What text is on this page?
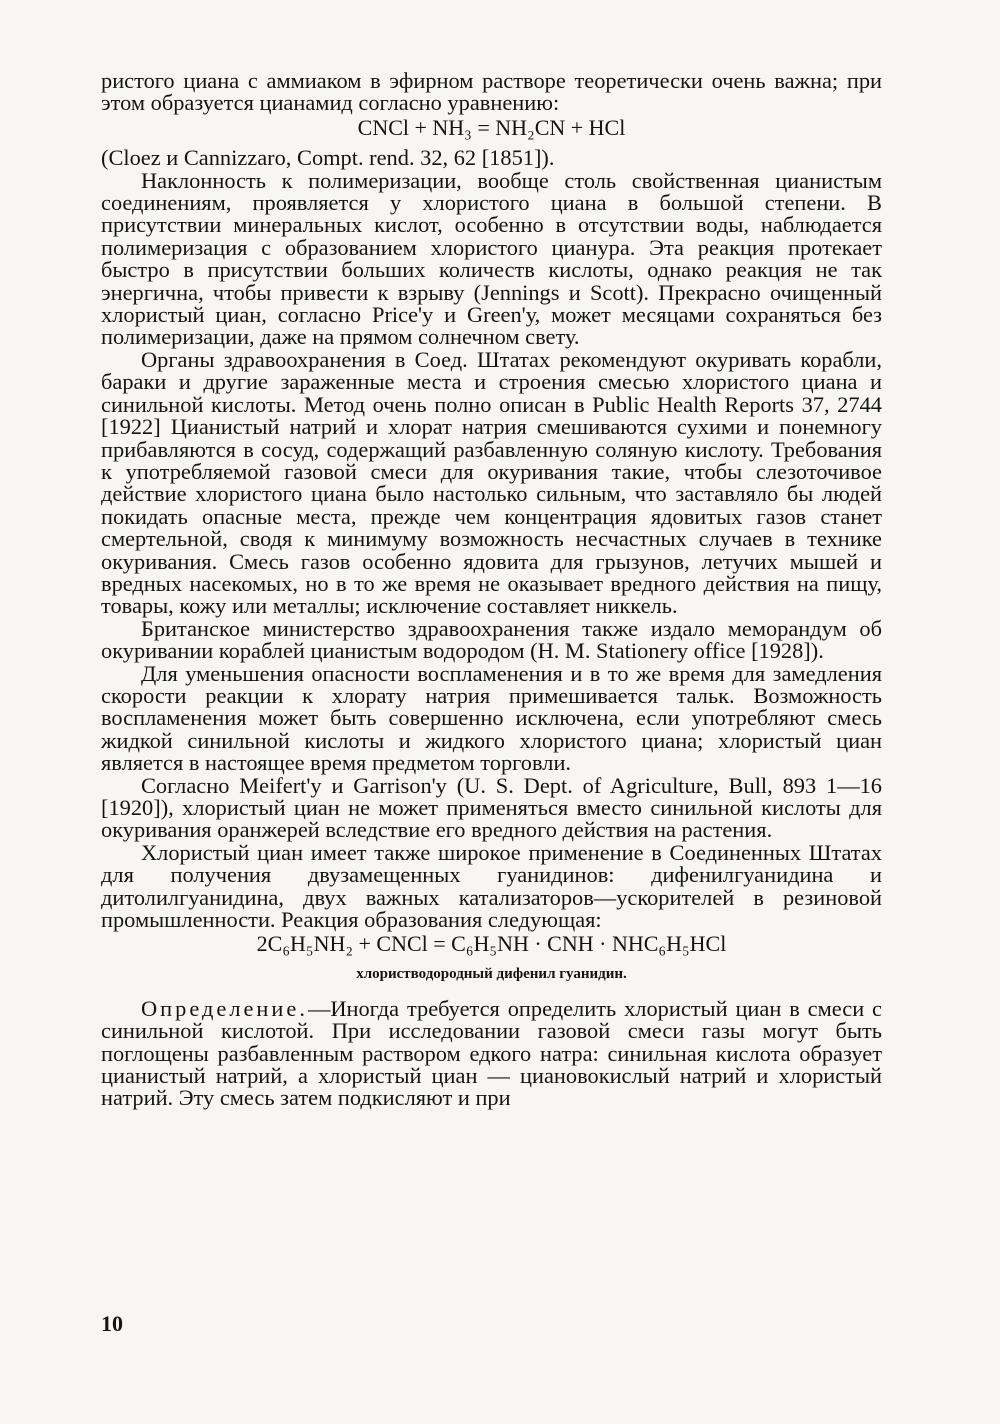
ристого циана с аммиаком в эфирном растворе теоретически очень важна; при этом образуется цианамид согласно уравнению:

CNCl + NH₃ = NH₂CN + HCl

(Cloez и Cannizzaro, Compt. rend. 32, 62 [1851]).

Наклонность к полимеризации, вообще столь свойственная цианистым соединениям, проявляется у хлористого циана в большой степени. В присутствии минеральных кислот, особенно в отсутствии воды, наблюдается полимеризация с образованием хлористого цианура. Эта реакция протекает быстро в присутствии больших количеств кислоты, однако реакция не так энергична, чтобы привести к взрыву (Jennings и Scott). Прекрасно очищенный хлористый циан, согласно Price'у и Green'у, может месяцами сохраняться без полимеризации, даже на прямом солнечном свету.

Органы здравоохранения в Соед. Штатах рекомендуют окуривать корабли, бараки и другие зараженные места и строения смесью хлористого циана и синильной кислоты. Метод очень полно описан в Public Health Reports 37, 2744 [1922] Цианистый натрий и хлорат натрия смешиваются сухими и понемногу прибавляются в сосуд, содержащий разбавленную соляную кислоту. Требования к употребляемой газовой смеси для окуривания такие, чтобы слезоточивое действие хлористого циана было настолько сильным, что заставляло бы людей покидать опасные места, прежде чем концентрация ядовитых газов станет смертельной, сводя к минимуму возможность несчастных случаев в технике окуривания. Смесь газов особенно ядовита для грызунов, летучих мышей и вредных насекомых, но в то же время не оказывает вредного действия на пищу, товары, кожу или металлы; исключение составляет никкель.

Британское министерство здравоохранения также издало меморандум об окуривании кораблей цианистым водородом (H. M. Stationery office [1928]).

Для уменьшения опасности воспламенения и в то же время для замедления скорости реакции к хлорату натрия примешивается тальк. Возможность воспламенения может быть совершенно исключена, если употребляют смесь жидкой синильной кислоты и жидкого хлористого циана; хлористый циан является в настоящее время предметом торговли.

Согласно Meifert'у и Garrison'у (U. S. Dept. of Agriculture, Bull, 893 1—16 [1920]), хлористый циан не может применяться вместо синильной кислоты для окуривания оранжерей вследствие его вредного действия на растения.

Хлористый циан имеет также широкое применение в Соединенных Штатах для получения двузамещенных гуанидинов: дифенилгуанидина и дитолилгуанидина, двух важных катализаторов—ускорителей в резиновой промышленности. Реакция образования следующая:

2C₆H₅NH₂ + CNCl = C₆H₅NH · CNH · NHC₆H₅HCl
хлористводородный дифенил гуанидин.

Определение.—Иногда требуется определить хлористый циан в смеси с синильной кислотой. При исследовании газовой смеси газы могут быть поглощены разбавленным раствором едкого натра: синильная кислота образует цианистый натрий, а хлористый циан — циановокислый натрий и хлористый натрий. Эту смесь затем подкисляют и при

10
